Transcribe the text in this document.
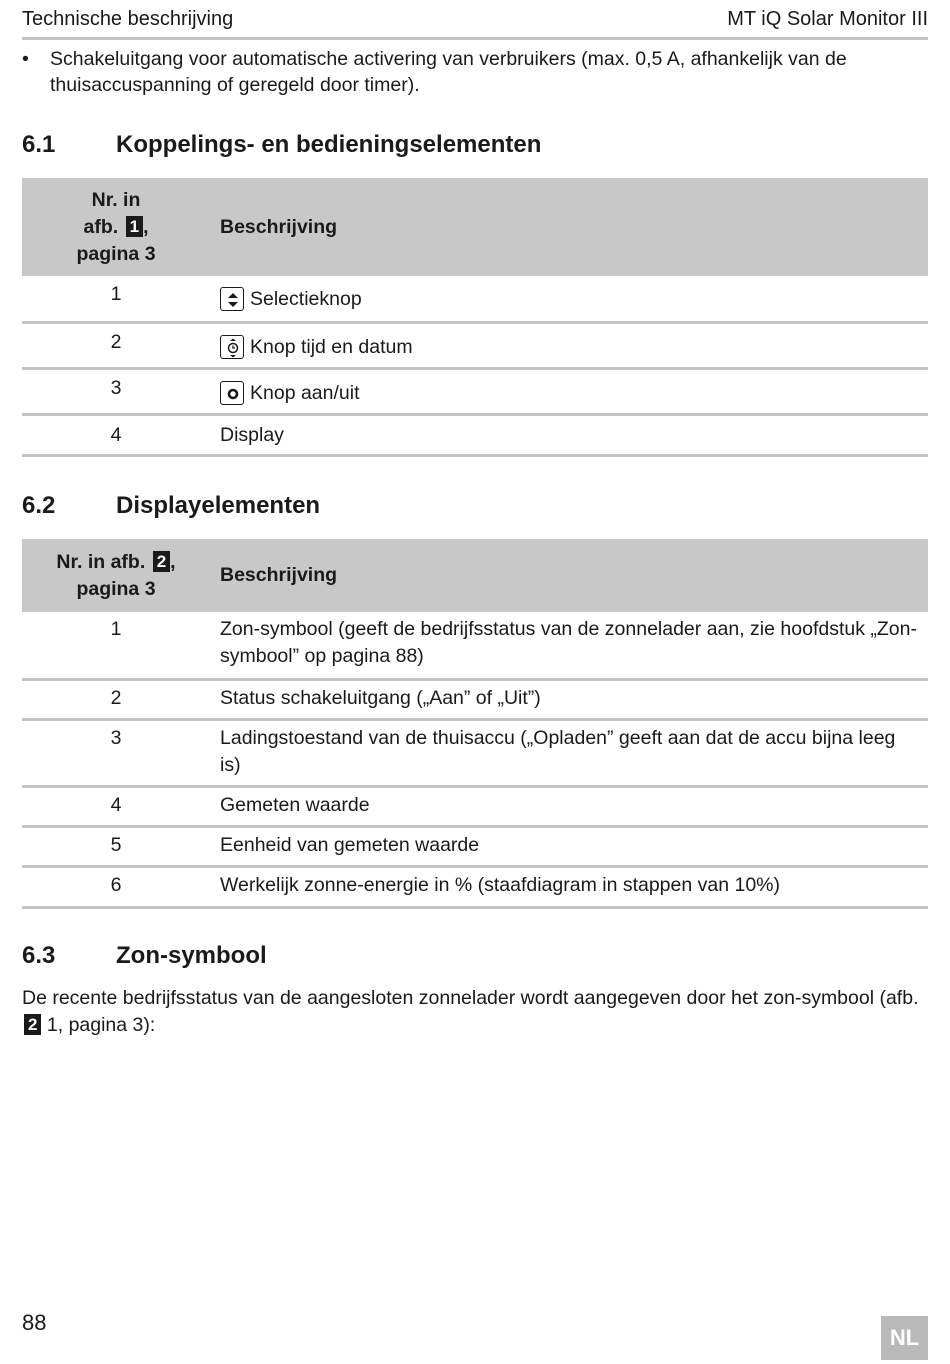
Technische beschrijving	MT iQ Solar Monitor III
• Schakeluitgang voor automatische activering van verbruikers (max. 0,5 A, afhankelijk van de thuisaccuspanning of geregeld door timer).
6.1	Koppelings- en bedieningselementen
Nr. in
afb. 1 ,
pagina 3	Beschrijving
1	Selectieknop
2	Knop tijd en datum
3	Knop aan/uit
4	Display
6.2	Displayelementen
Nr. in afb. 2 ,
pagina 3	Beschrijving
1	Zon-symbool (geeft de bedrijfsstatus van de zonnelader aan, zie hoofdstuk „Zon-symbool” op pagina 88)
2	Status schakeluitgang („Aan” of „Uit”)
3	Ladingstoestand van de thuisaccu („Opladen” geeft aan dat de accu bijna leeg is)
4	Gemeten waarde
5	Eenheid van gemeten waarde
6	Werkelijk zonne-energie in % (staafdiagram in stappen van 10%)
6.3	Zon-symbool
De recente bedrijfsstatus van de aangesloten zonnelader wordt aangegeven door het zon-symbool (afb. 2 1, pagina 3):
88
NL
